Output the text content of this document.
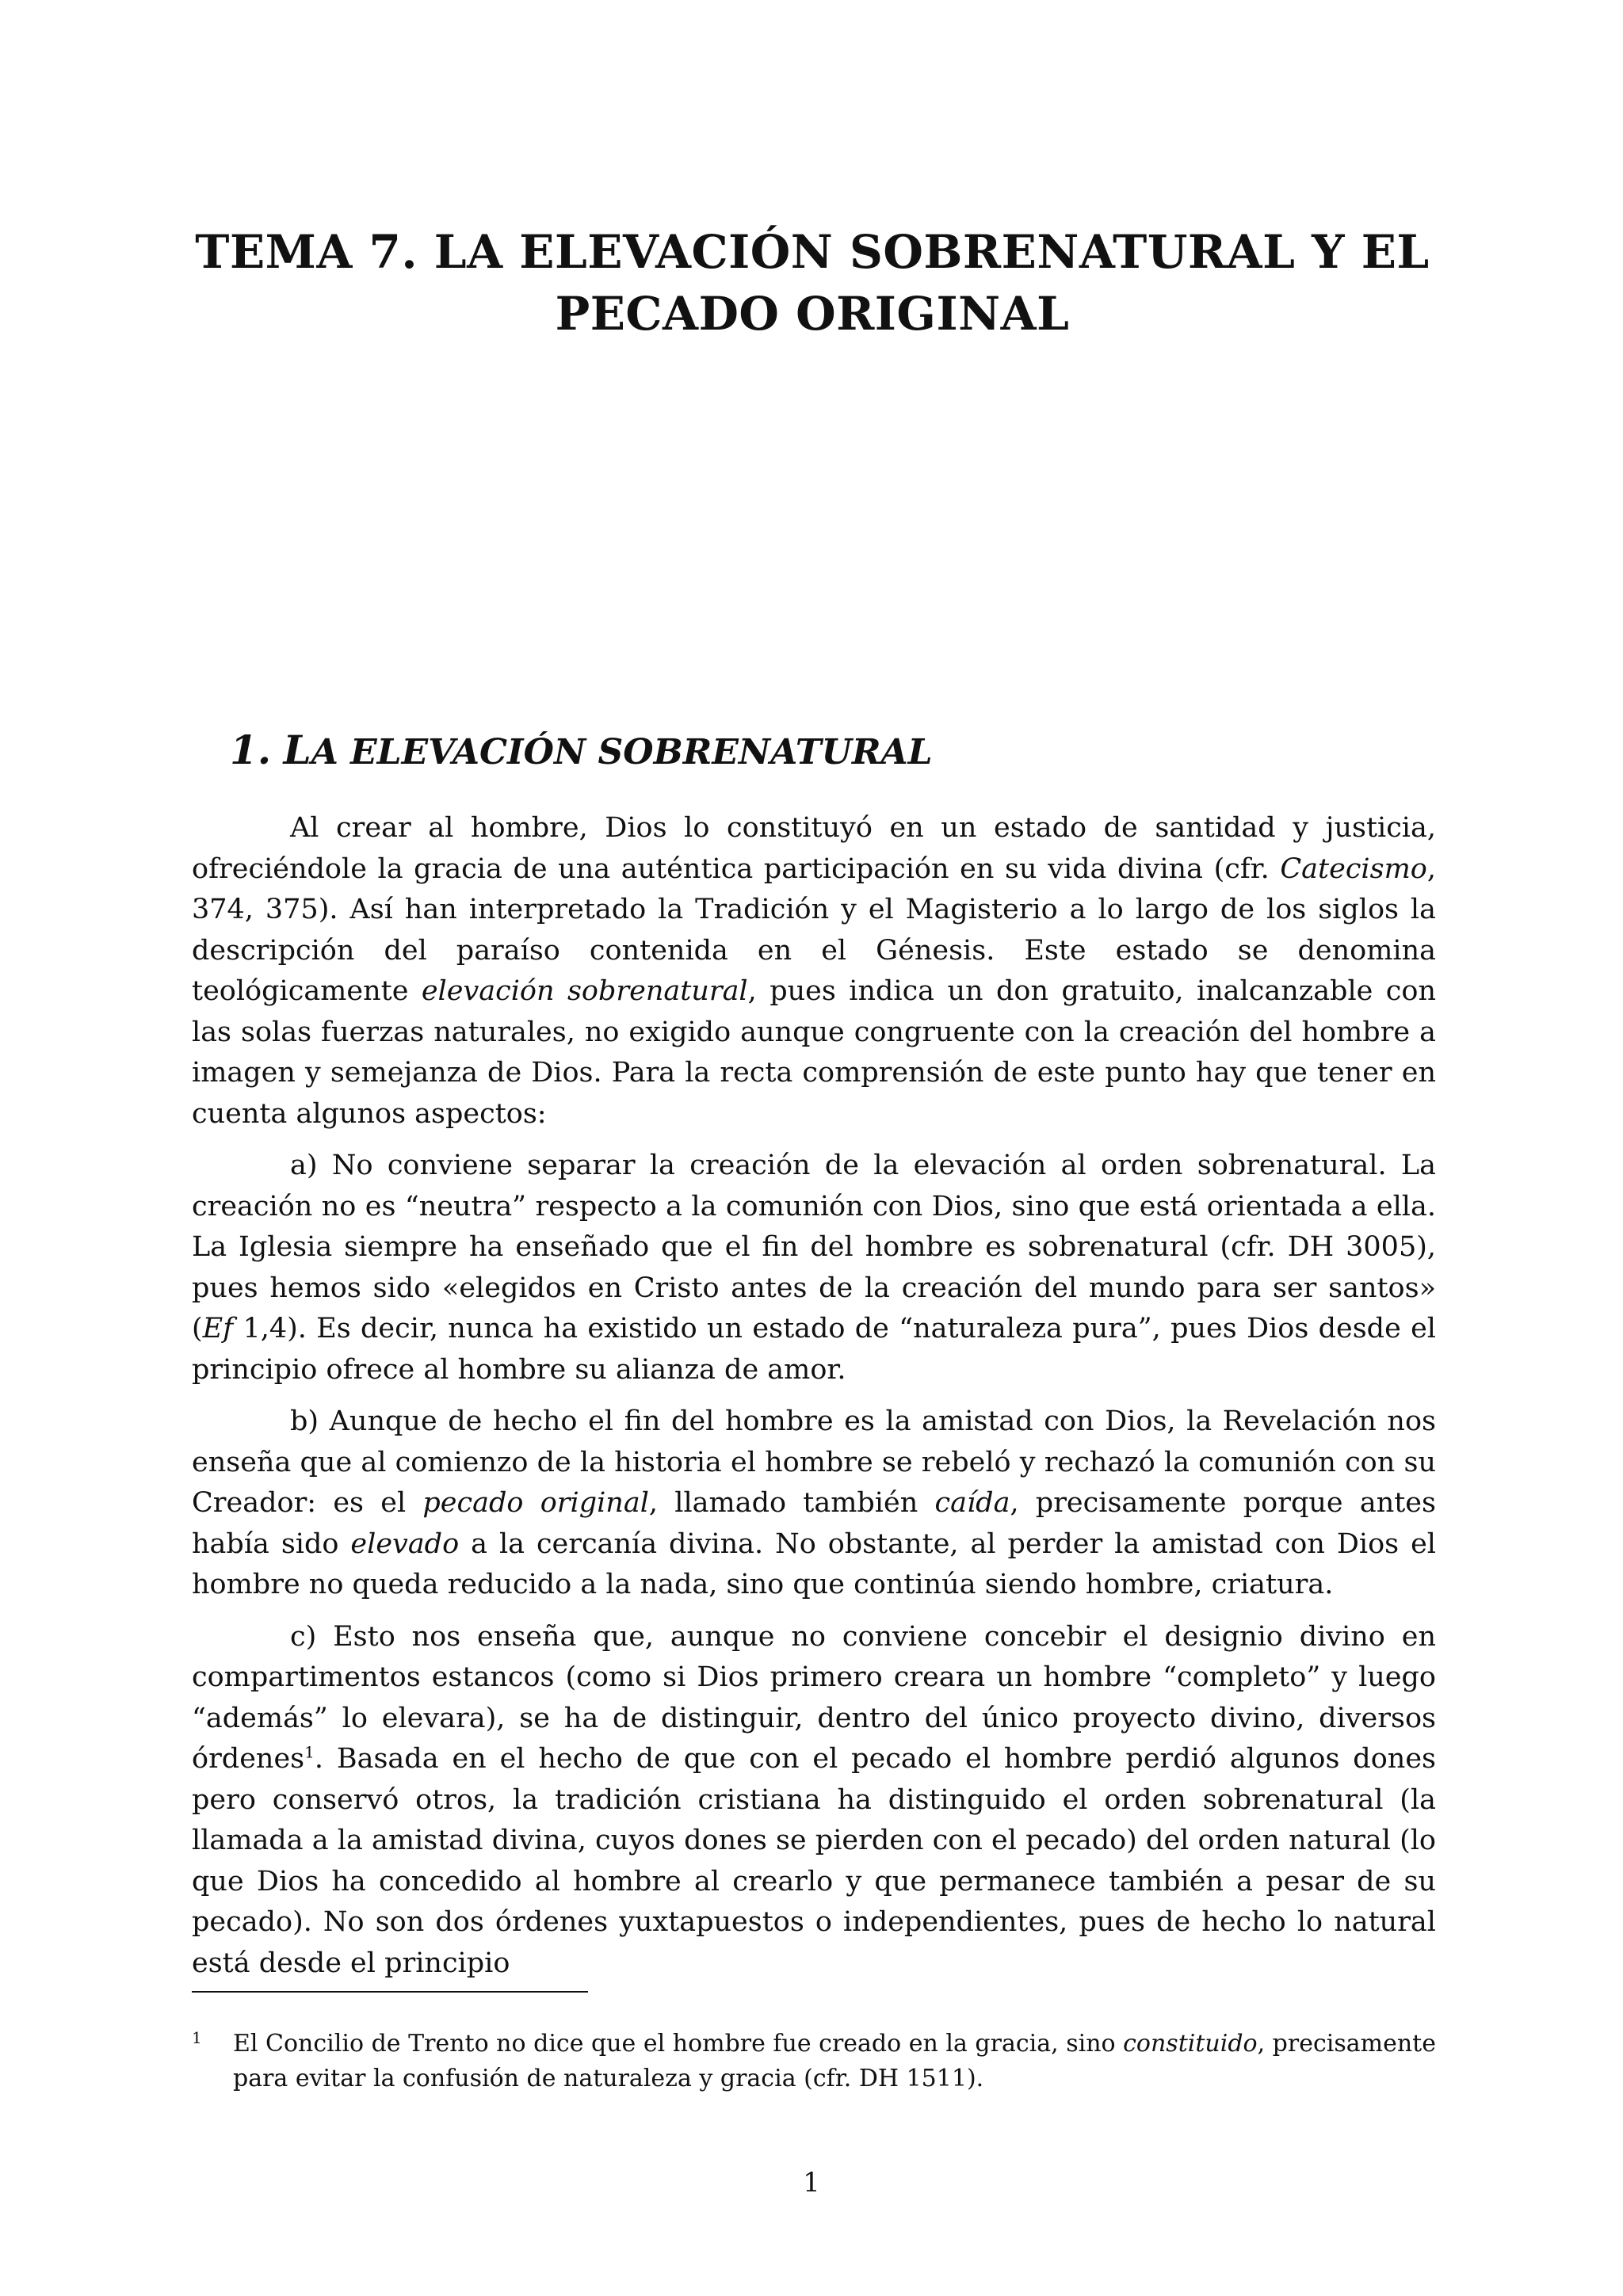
TEMA 7. LA ELEVACIÓN SOBRENATURAL Y EL
PECADO ORIGINAL
1. LA ELEVACIÓN SOBRENATURAL

Al crear al hombre, Dios lo constituyó en un estado de santidad y justicia, ofreciéndole la gracia de una auténtica participación en su vida divina (cfr. Catecismo, 374, 375). Así han interpretado la Tradición y el Magisterio a lo largo de los siglos la descripción del paraíso contenida en el Génesis. Este estado se denomina teológicamente elevación sobrenatural, pues indica un don gratuito, inalcanzable con las solas fuerzas naturales, no exigido aunque congruente con la creación del hombre a imagen y semejanza de Dios. Para la recta comprensión de este punto hay que tener en cuenta algunos aspectos:

a) No conviene separar la creación de la elevación al orden sobrenatural. La creación no es “neutra” respecto a la comunión con Dios, sino que está orientada a ella. La Iglesia siempre ha enseñado que el fin del hombre es sobrenatural (cfr. DH 3005), pues hemos sido «elegidos en Cristo antes de la creación del mundo para ser santos» (Ef 1,4). Es decir, nunca ha existido un estado de “naturaleza pura”, pues Dios desde el principio ofrece al hombre su alianza de amor.

b) Aunque de hecho el fin del hombre es la amistad con Dios, la Revelación nos enseña que al comienzo de la historia el hombre se rebeló y rechazó la comunión con su Creador: es el pecado original, llamado también caída, precisamente porque antes había sido elevado a la cercanía divina. No obstante, al perder la amistad con Dios el hombre no queda reducido a la nada, sino que continúa siendo hombre, criatura.

c) Esto nos enseña que, aunque no conviene concebir el designio divino en compartimentos estancos (como si Dios primero creara un hombre “completo” y luego “además” lo elevara), se ha de distinguir, dentro del único proyecto divino, diversos órdenes$^1$. Basada en el hecho de que con el pecado el hombre perdió algunos dones pero conservó otros, la tradición cristiana ha distinguido el orden sobrenatural (la llamada a la amistad divina, cuyos dones se pierden con el pecado) del orden natural (lo que Dios ha concedido al hombre al crearlo y que permanece también a pesar de su pecado). No son dos órdenes yuxtapuestos o independientes, pues de hecho lo natural está desde el principio

1 El Concilio de Trento no dice que el hombre fue creado en la gracia, sino constituido, precisamente para evitar la confusión de naturaleza y gracia (cfr. DH 1511).
1
